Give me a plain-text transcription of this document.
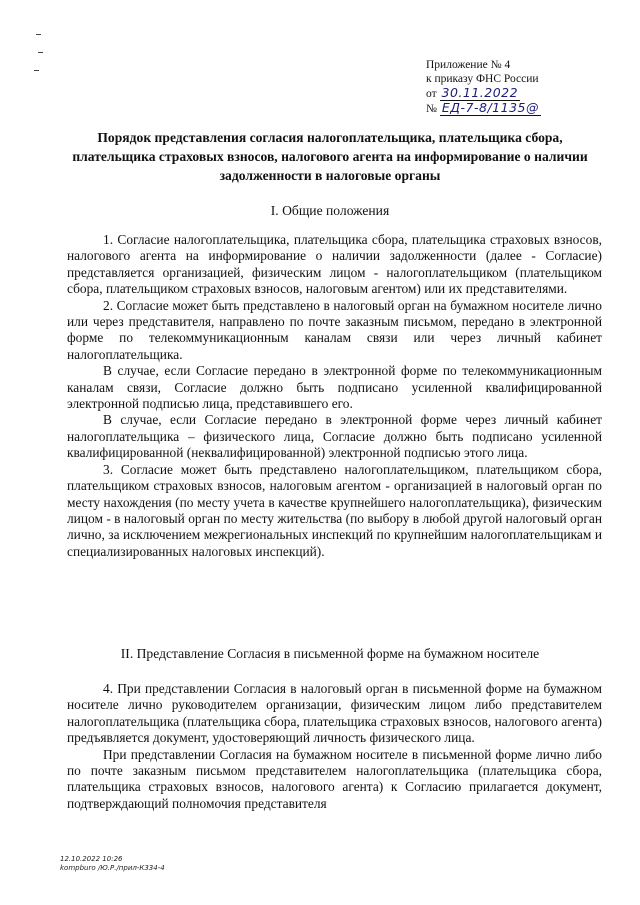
Приложение № 4
к приказу ФНС России
от 30.11.2022
№ ЕД-7-8/1135@
Порядок представления согласия налогоплательщика, плательщика сбора, плательщика страховых взносов, налогового агента на информирование о наличии задолженности в налоговые органы
I. Общие положения

1. Согласие налогоплательщика, плательщика сбора, плательщика страховых взносов, налогового агента на информирование о наличии задолженности (далее - Согласие) представляется организацией, физическим лицом - налогоплательщиком (плательщиком сбора, плательщиком страховых взносов, налоговым агентом) или их представителями.

2. Согласие может быть представлено в налоговый орган на бумажном носителе лично или через представителя, направлено по почте заказным письмом, передано в электронной форме по телекоммуникационным каналам связи или через личный кабинет налогоплательщика.

В случае, если Согласие передано в электронной форме по телекоммуникационным каналам связи, Согласие должно быть подписано усиленной квалифицированной электронной подписью лица, представившего его.

В случае, если Согласие передано в электронной форме через личный кабинет налогоплательщика – физического лица, Согласие должно быть подписано усиленной квалифицированной (неквалифицированной) электронной подписью этого лица.

3. Согласие может быть представлено налогоплательщиком, плательщиком сбора, плательщиком страховых взносов, налоговым агентом - организацией в налоговый орган по месту нахождения (по месту учета в качестве крупнейшего налогоплательщика), физическим лицом - в налоговый орган по месту жительства (по выбору в любой другой налоговый орган лично, за исключением межрегиональных инспекций по крупнейшим налогоплательщикам и специализированных налоговых инспекций).

II. Представление Согласия в письменной форме на бумажном носителе

4. При представлении Согласия в налоговый орган в письменной форме на бумажном носителе лично руководителем организации, физическим лицом либо представителем налогоплательщика (плательщика сбора, плательщика страховых взносов, налогового агента) предъявляется документ, удостоверяющий личность физического лица.

При представлении Согласия на бумажном носителе в письменной форме лично либо по почте заказным письмом представителем налогоплательщика (плательщика сбора, плательщика страховых взносов, налогового агента) к Согласию прилагается документ, подтверждающий полномочия представителя

12.10.2022 10:26
kompburo /Ю.Р./прил-К334-4
